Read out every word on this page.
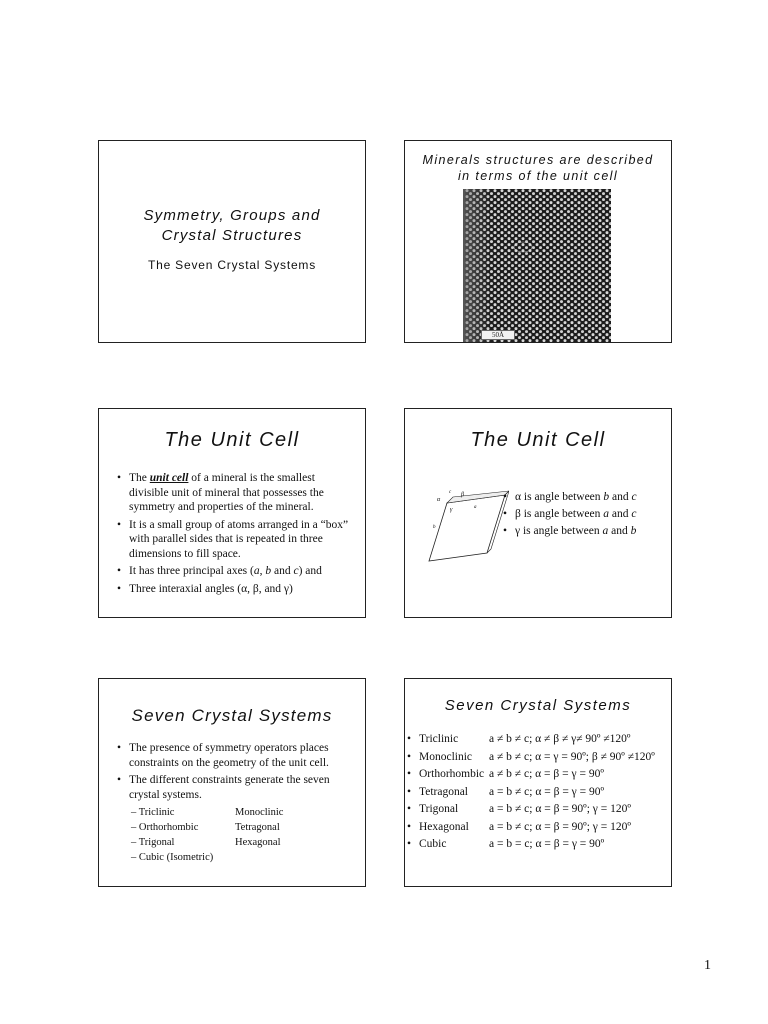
Symmetry, Groups and
Crystal Structures
The Seven Crystal Systems
Minerals structures are described
in terms of the unit cell
50Å
The Unit Cell
• The unit cell of a mineral is the smallest divisible unit of mineral that possesses the symmetry and properties of the mineral.
• It is a small group of atoms arranged in a “box” with parallel sides that is repeated in three dimensions to fill space.
• It has three principal axes (a, b and c) and
• Three interaxial angles (α, β, and γ)
The Unit Cell
α
β
γ	a
b
c
•	α is angle between b and c
• β is angle between a and c
• γ is angle between a and b
Seven Crystal Systems
• The presence of symmetry operators places constraints on the geometry of the unit cell.
• The different constraints generate the seven crystal systems.
– Triclinic	Monoclinic
– Orthorhombic	Tetragonal
– Trigonal	Hexagonal
– Cubic (Isometric)
Seven Crystal Systems
• Triclinic	a ≠ b ≠ c; α ≠ β ≠ γ≠ 90º ≠120º
• Monoclinic	a ≠ b ≠ c; α = γ = 90º; β ≠ 90º ≠120º
• Orthorhombic a ≠ b ≠ c; α = β = γ = 90º
• Tetragonal	a = b ≠ c; α = β = γ = 90º
• Trigonal	a = b ≠ c; α = β = 90º; γ = 120º
• Hexagonal	a = b ≠ c; α = β = 90º; γ = 120º
• Cubic	a = b = c; α = β = γ = 90º
1
